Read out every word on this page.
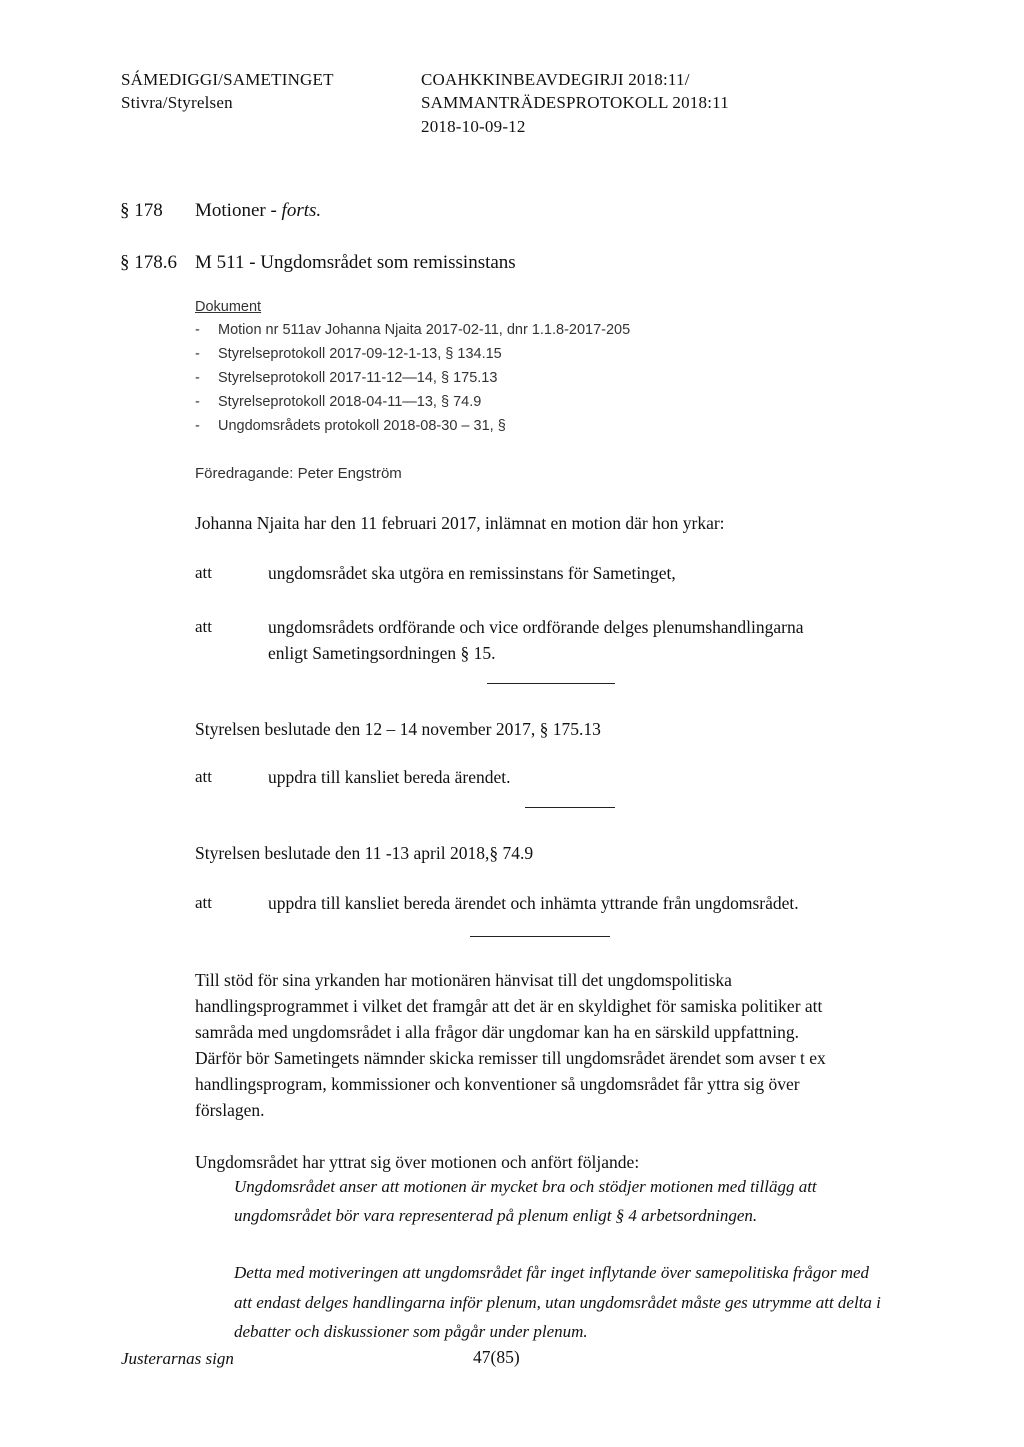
SÁMEDIGGI/SAMETINGET
Stivra/Styrelsen
COAHKKINBEAVDEGIRJI 2018:11/
SAMMANTRÄDESPROTOKOLL 2018:11
2018-10-09-12
§ 178 Motioner - forts.
§ 178.6 M 511 - Ungdomsrådet som remissinstans
Dokument
- Motion nr 511av Johanna Njaita 2017-02-11, dnr 1.1.8-2017-205
- Styrelseprotokoll 2017-09-12-1-13, § 134.15
- Styrelseprotokoll 2017-11-12—14, § 175.13
- Styrelseprotokoll 2018-04-11—13, § 74.9
- Ungdomsrådets protokoll 2018-08-30 – 31, §
Föredragande: Peter Engström
Johanna Njaita har den 11 februari 2017, inlämnat en motion där hon yrkar:
att	ungdomsrådet ska utgöra en remissinstans för Sametinget,
att	ungdomsrådets ordförande och vice ordförande delges plenumshandlingarna
enligt Sametingsordningen § 15.
Styrelsen beslutade den 12 – 14 november 2017, § 175.13
att	uppdra till kansliet bereda ärendet.
Styrelsen beslutade den 11 -13 april 2018,§ 74.9
att	uppdra till kansliet bereda ärendet och inhämta yttrande från ungdomsrådet.
Till stöd för sina yrkanden har motionären hänvisat till det ungdomspolitiska
handlingsprogrammet i vilket det framgår att det är en skyldighet för samiska politiker att
samråda med ungdomsrådet i alla frågor där ungdomar kan ha en särskild uppfattning.
Därför bör Sametingets nämnder skicka remisser till ungdomsrådet ärendet som avser t ex
handlingsprogram, kommissioner och konventioner så ungdomsrådet får yttra sig över
förslagen.
Ungdomsrådet har yttrat sig över motionen och anfört följande:
Ungdomsrådet anser att motionen är mycket bra och stödjer motionen med tillägg att
ungdomsrådet bör vara representerad på plenum enligt § 4 arbetsordningen.
Detta med motiveringen att ungdomsrådet får inget inflytande över samepolitiska frågor med
att endast delges handlingarna inför plenum, utan ungdomsrådet måste ges utrymme att delta i
debatter och diskussioner som pågår under plenum.
Justerarnas sign	47(85)
